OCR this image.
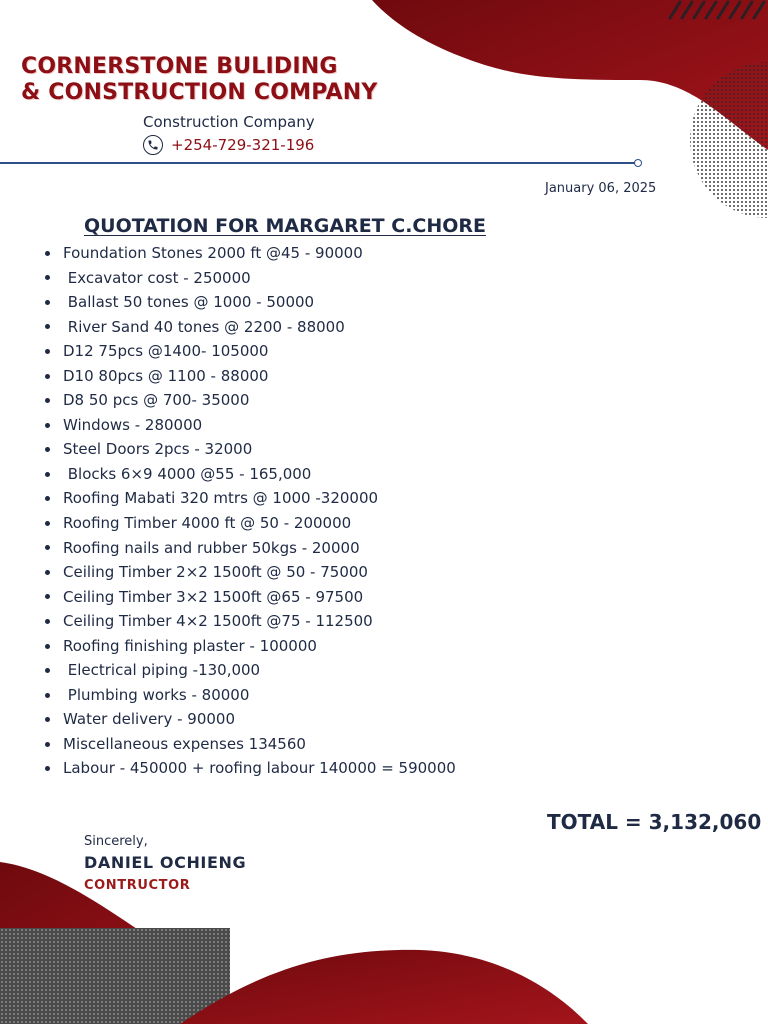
CORNERSTONE BULIDING
& CONSTRUCTION COMPANY
Construction Company
+254-729-321-196
January 06, 2025
QUOTATION FOR MARGARET C.CHORE
Foundation Stones 2000 ft @45 - 90000
Excavator cost - 250000
Ballast 50 tones @ 1000 - 50000
River Sand 40 tones @ 2200 - 88000
D12 75pcs @1400- 105000
D10 80pcs @ 1100 - 88000
D8 50 pcs @ 700- 35000
Windows - 280000
Steel Doors 2pcs - 32000
Blocks 6×9 4000 @55 - 165,000
Roofing Mabati 320 mtrs @ 1000 -320000
Roofing Timber 4000 ft @ 50 - 200000
Roofing nails and rubber 50kgs - 20000
Ceiling Timber 2×2 1500ft @ 50 - 75000
Ceiling Timber 3×2 1500ft @65 - 97500
Ceiling Timber 4×2 1500ft @75 - 112500
Roofing finishing plaster - 100000
Electrical piping -130,000
Plumbing works - 80000
Water delivery - 90000
Miscellaneous expenses 134560
Labour - 450000 + roofing labour 140000 = 590000
TOTAL = 3,132,060
Sincerely,
DANIEL OCHIENG
CONTRUCTOR
